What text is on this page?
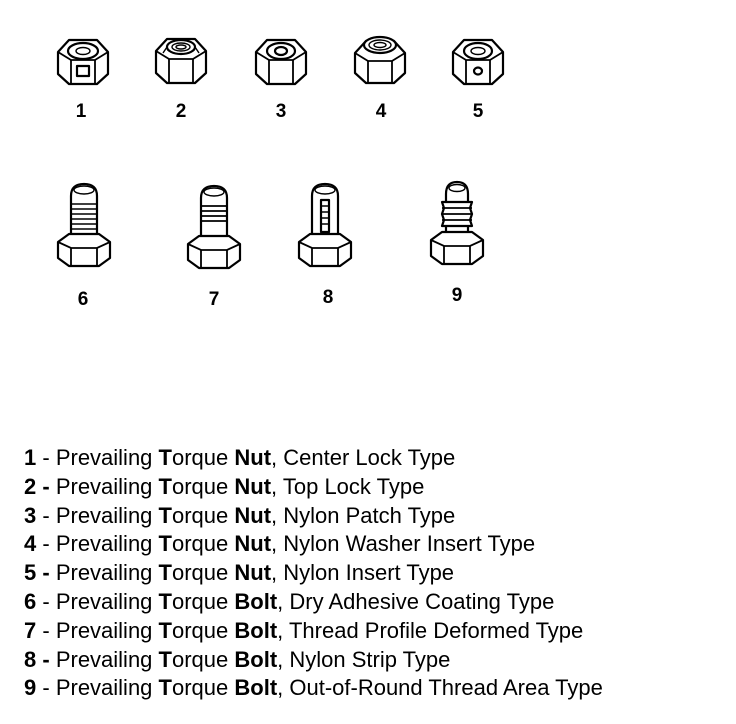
1	2	3	4	5
6	7	8	9
1 - Prevailing Torque Nut, Center Lock Type
2 - Prevailing Torque Nut, Top Lock Type
3 - Prevailing Torque Nut, Nylon Patch Type
4 - Prevailing Torque Nut, Nylon Washer Insert Type
5 - Prevailing Torque Nut, Nylon Insert Type
6 - Prevailing Torque Bolt, Dry Adhesive Coating Type
7 - Prevailing Torque Bolt, Thread Profile Deformed Type
8 - Prevailing Torque Bolt, Nylon Strip Type
9 - Prevailing Torque Bolt, Out-of-Round Thread Area Type
